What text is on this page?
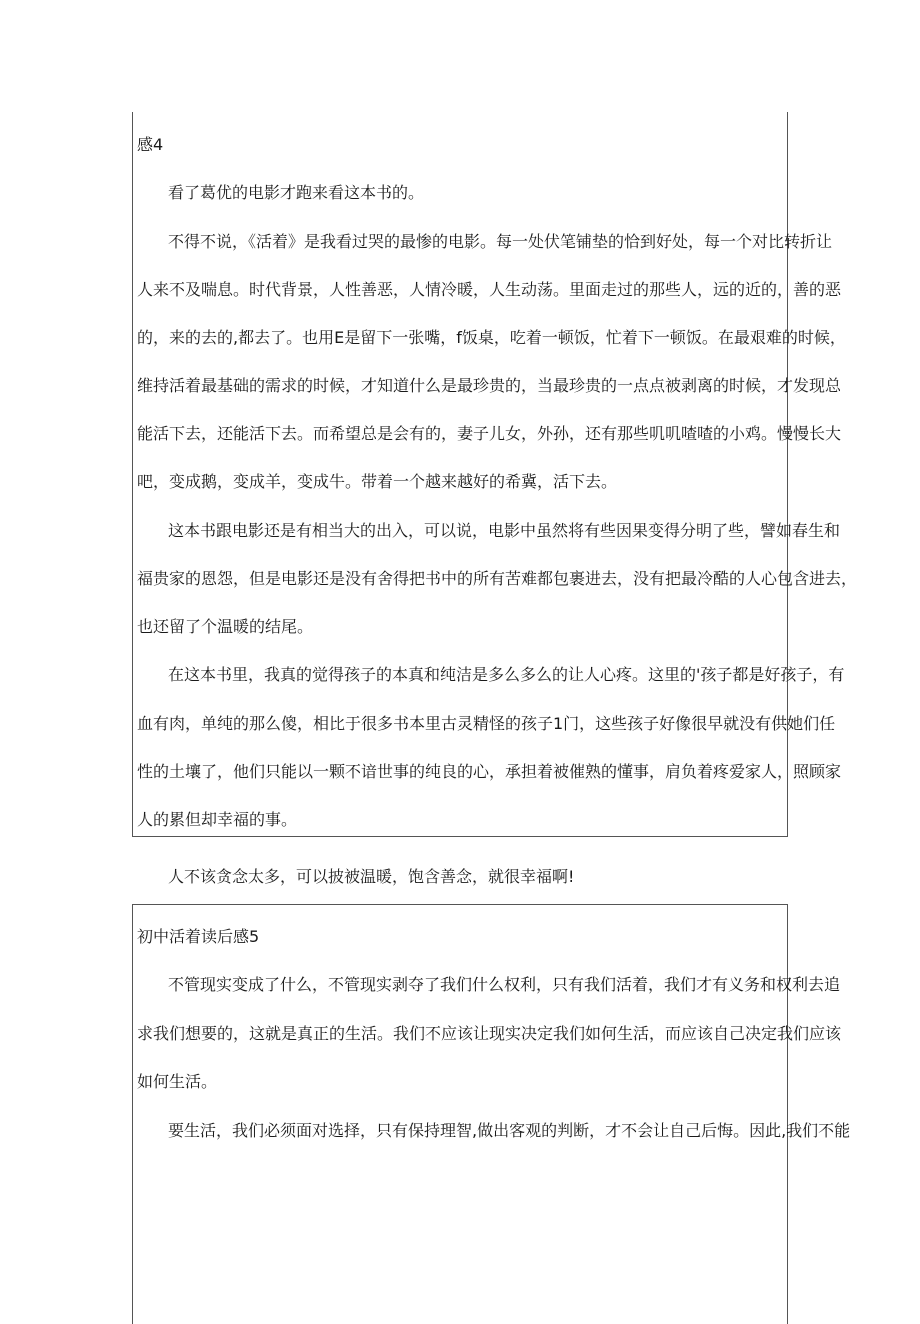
感4
看了葛优的电影才跑来看这本书的。
不得不说，《活着》是我看过哭的最惨的电影。每一处伏笔铺垫的恰到好处，每一个对比转折让
人来不及喘息。时代背景，人性善恶，人情冷暖，人生动荡。里面走过的那些人，远的近的，善的恶
的，来的去的,都去了。也用E是留下一张嘴，f饭桌，吃着一顿饭，忙着下一顿饭。在最艰难的时候，
维持活着最基础的需求的时候，才知道什么是最珍贵的，当最珍贵的一点点被剥离的时候，才发现总
能活下去，还能活下去。而希望总是会有的，妻子儿女，外孙，还有那些叽叽喳喳的小鸡。慢慢长大
吧，变成鹅，变成羊，变成牛。带着一个越来越好的希冀，活下去。
这本书跟电影还是有相当大的出入，可以说，电影中虽然将有些因果变得分明了些，譬如春生和
福贵家的恩怨，但是电影还是没有舍得把书中的所有苦难都包裹进去，没有把最冷酷的人心包含进去，
也还留了个温暖的结尾。
在这本书里，我真的觉得孩子的本真和纯洁是多么多么的让人心疼。这里的'孩子都是好孩子，有
血有肉，单纯的那么傻，相比于很多书本里古灵精怪的孩子1门，这些孩子好像很早就没有供她们任
性的土壤了，他们只能以一颗不谙世事的纯良的心，承担着被催熟的懂事，肩负着疼爱家人，照顾家
人的累但却幸福的事。
人不该贪念太多，可以披被温暖，饱含善念，就很幸福啊!
初中活着读后感5
不管现实变成了什么，不管现实剥夺了我们什么权利，只有我们活着，我们才有义务和权利去追
求我们想要的，这就是真正的生活。我们不应该让现实决定我们如何生活，而应该自己决定我们应该
如何生活。
要生活，我们必须面对选择，只有保持理智,做出客观的判断，才不会让自己后悔。因此,我们不能
